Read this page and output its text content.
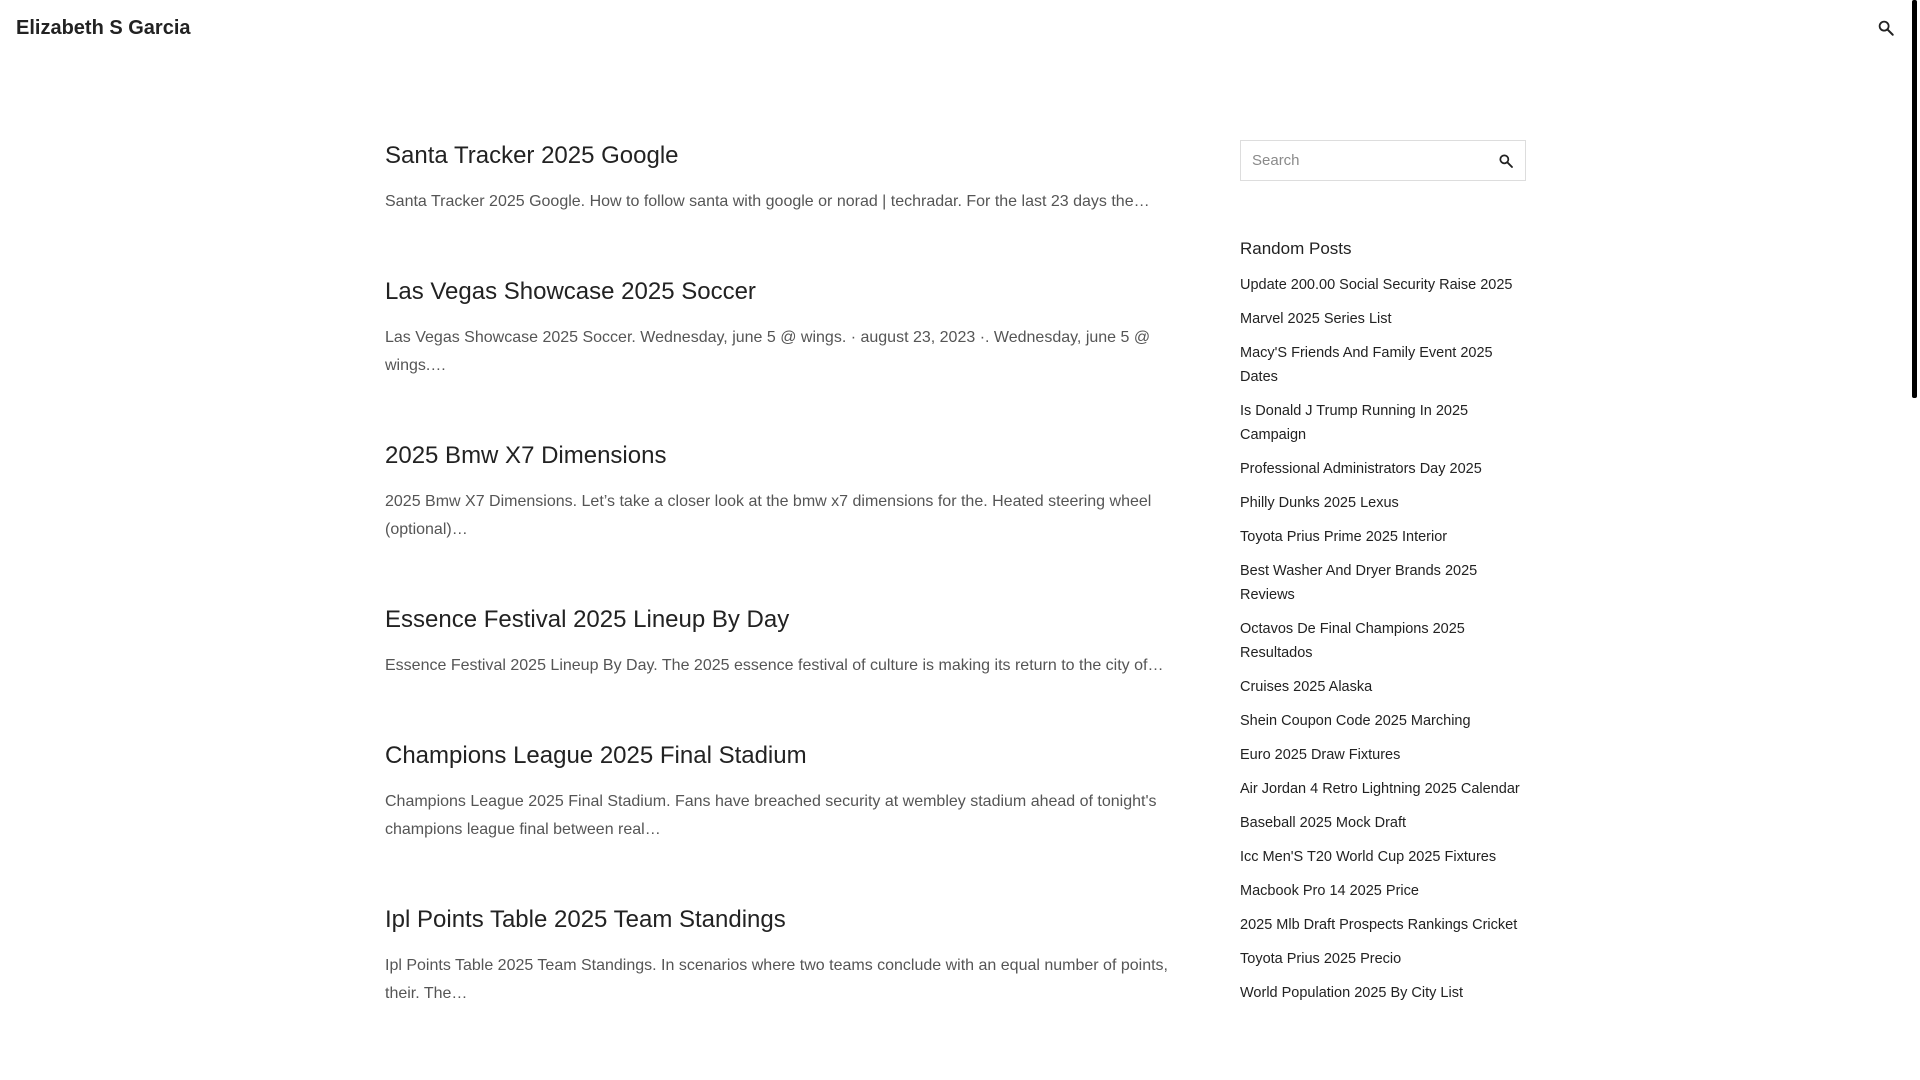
Elizabeth S Garcia
Santa Tracker 2025 Google

Santa Tracker 2025 Google. How to follow santa with google or norad | techradar. For the last 23 days the…

Las Vegas Showcase 2025 Soccer

Las Vegas Showcase 2025 Soccer. Wednesday, june 5 @ wings. · august 23, 2023 ·. Wednesday, june 5 @ wings.…

2025 Bmw X7 Dimensions

2025 Bmw X7 Dimensions. Let’s take a closer look at the bmw x7 dimensions for the. Heated steering wheel (optional)…

Essence Festival 2025 Lineup By Day

Essence Festival 2025 Lineup By Day. The 2025 essence festival of culture is making its return to the city of…

Champions League 2025 Final Stadium

Champions League 2025 Final Stadium. Fans have breached security at wembley stadium ahead of tonight's champions league final between real…

Ipl Points Table 2025 Team Standings

Ipl Points Table 2025 Team Standings. In scenarios where two teams conclude with an equal number of points, their. The…

Search
Random Posts
Update 200.00 Social Security Raise 2025
Marvel 2025 Series List
Macy'S Friends And Family Event 2025 Dates
Is Donald J Trump Running In 2025 Campaign
Professional Administrators Day 2025
Philly Dunks 2025 Lexus
Toyota Prius Prime 2025 Interior
Best Washer And Dryer Brands 2025 Reviews
Octavos De Final Champions 2025 Resultados
Cruises 2025 Alaska
Shein Coupon Code 2025 Marching
Euro 2025 Draw Fixtures
Air Jordan 4 Retro Lightning 2025 Calendar
Baseball 2025 Mock Draft
Icc Men'S T20 World Cup 2025 Fixtures
Macbook Pro 14 2025 Price
2025 Mlb Draft Prospects Rankings Cricket
Toyota Prius 2025 Precio
World Population 2025 By City List
